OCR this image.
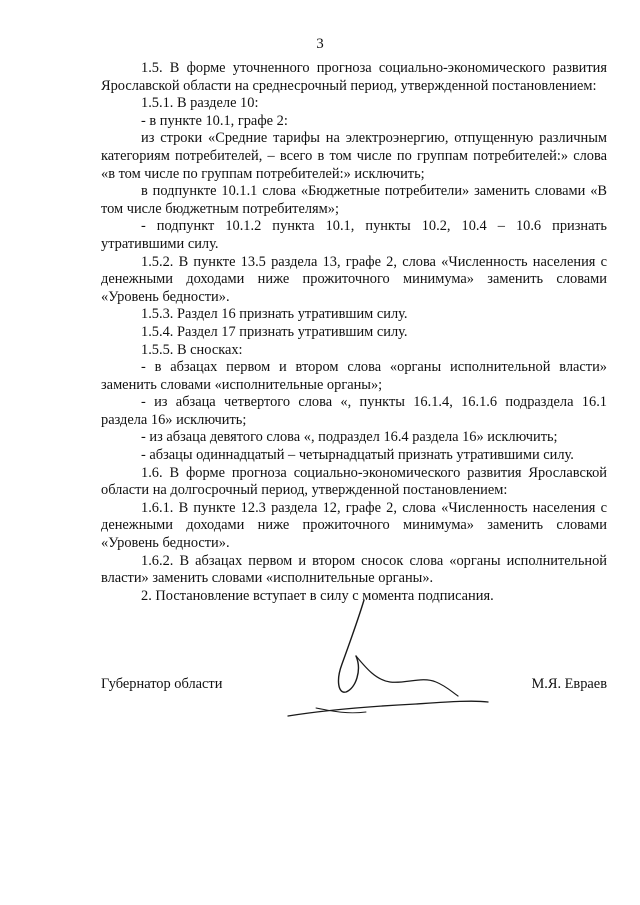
3

1.5. В форме уточненного прогноза социально-экономического развития Ярославской области на среднесрочный период, утвержденной постановлением:

1.5.1. В разделе 10:

- в пункте 10.1, графе 2:

из строки «Средние тарифы на электроэнергию, отпущенную различным категориям потребителей, – всего в том числе по группам потребителей:» слова «в том числе по группам потребителей:» исключить;

в подпункте 10.1.1 слова «Бюджетные потребители» заменить словами «В том числе бюджетным потребителям»;

- подпункт 10.1.2 пункта 10.1, пункты 10.2, 10.4 – 10.6 признать утратившими силу.

1.5.2. В пункте 13.5 раздела 13, графе 2, слова «Численность населения с денежными доходами ниже прожиточного минимума» заменить словами «Уровень бедности».

1.5.3. Раздел 16 признать утратившим силу.

1.5.4. Раздел 17 признать утратившим силу.

1.5.5. В сносках:

- в абзацах первом и втором слова «органы исполнительной власти» заменить словами «исполнительные органы»;

- из абзаца четвертого слова «, пункты 16.1.4, 16.1.6 подраздела 16.1 раздела 16» исключить;

- из абзаца девятого слова «, подраздел 16.4 раздела 16» исключить;

- абзацы одиннадцатый – четырнадцатый признать утратившими силу.

1.6. В форме прогноза социально-экономического развития Ярославской области на долгосрочный период, утвержденной постановлением:

1.6.1. В пункте 12.3 раздела 12, графе 2, слова «Численность населения с денежными доходами ниже прожиточного минимума» заменить словами «Уровень бедности».

1.6.2. В абзацах первом и втором сносок слова «органы исполнительной власти» заменить словами «исполнительные органы».

2. Постановление вступает в силу с момента подписания.

Губернатор области	М.Я. Евраев
